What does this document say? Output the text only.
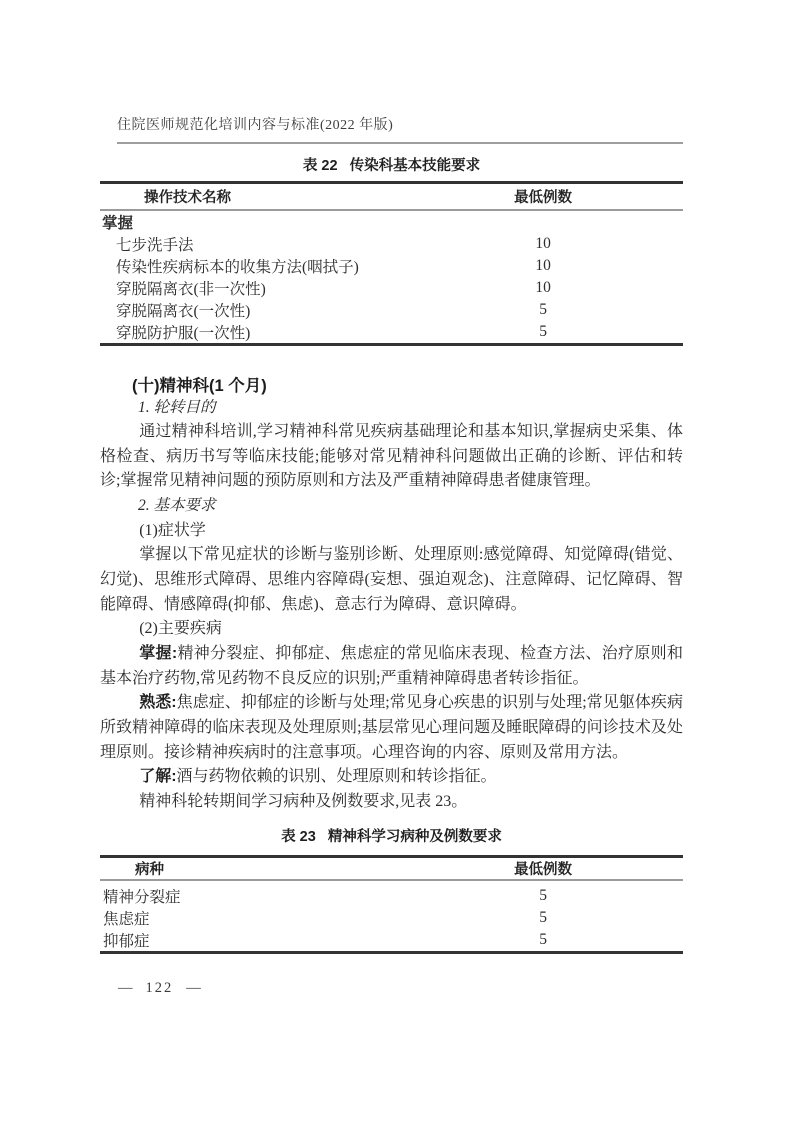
住院医师规范化培训内容与标准(2022 年版)
表 22 传染科基本技能要求
操作技术名称	最低例数	
掌握		
七步洗手法	10	
传染性疾病标本的收集方法(咽拭子)	10	
穿脱隔离衣(非一次性)	10	
穿脱隔离衣(一次性)	5	
穿脱防护服(一次性)	5	
(十)精神科(1 个月)

1. 轮转目的

通过精神科培训,学习精神科常见疾病基础理论和基本知识,掌握病史采集、体格检查、病历书写等临床技能;能够对常见精神科问题做出正确的诊断、评估和转诊;掌握常见精神问题的预防原则和方法及严重精神障碍患者健康管理。

2. 基本要求

(1)症状学

掌握以下常见症状的诊断与鉴别诊断、处理原则:感觉障碍、知觉障碍(错觉、幻觉)、思维形式障碍、思维内容障碍(妄想、强迫观念)、注意障碍、记忆障碍、智能障碍、情感障碍(抑郁、焦虑)、意志行为障碍、意识障碍。

(2)主要疾病

掌握:精神分裂症、抑郁症、焦虑症的常见临床表现、检查方法、治疗原则和基本治疗药物,常见药物不良反应的识别;严重精神障碍患者转诊指征。

熟悉:焦虑症、抑郁症的诊断与处理;常见身心疾患的识别与处理;常见躯体疾病所致精神障碍的临床表现及处理原则;基层常见心理问题及睡眠障碍的问诊技术及处理原则。接诊精神疾病时的注意事项。心理咨询的内容、原则及常用方法。

了解:酒与药物依赖的识别、处理原则和转诊指征。

精神科轮转期间学习病种及例数要求,见表 23。

表 23 精神科学习病种及例数要求
病种	最低例数	
精神分裂症	5	
焦虑症	5	
抑郁症	5	
— 122 —
